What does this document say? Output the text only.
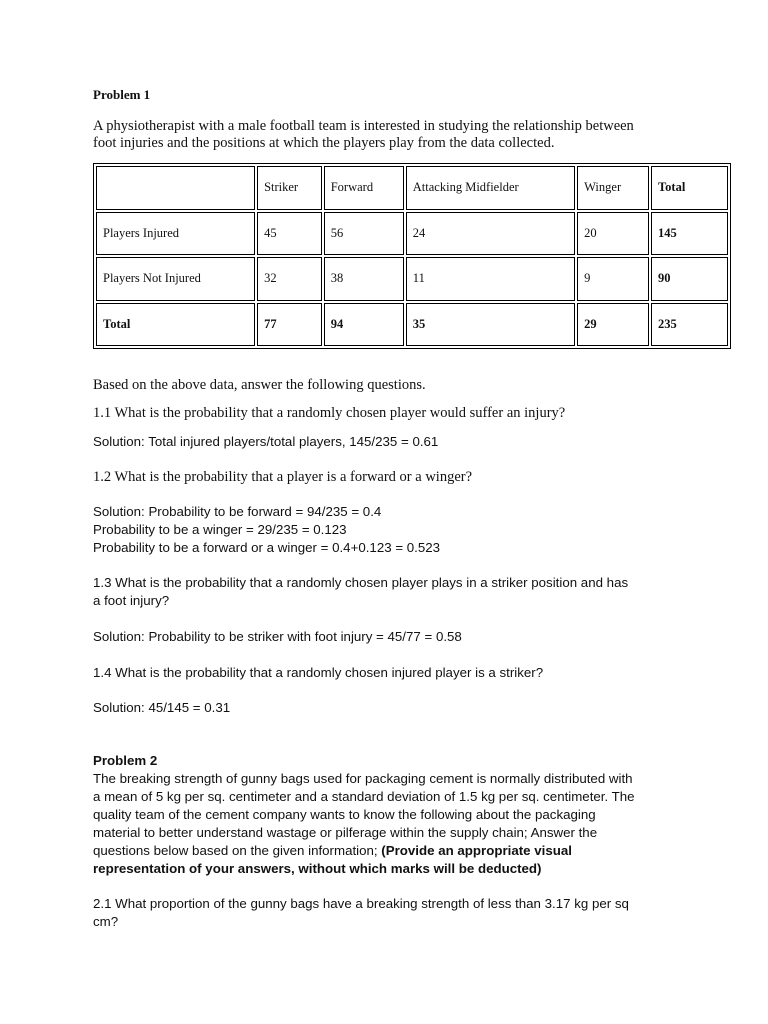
Problem 1
A physiotherapist with a male football team is interested in studying the relationship between
foot injuries and the positions at which the players play from the data collected.
	Striker	Forward	Attacking Midfielder	Winger	Total
Players Injured	45	56	24	20	145
Players Not Injured	32	38	11	9	90
Total	77	94	35	29	235
Based on the above data, answer the following questions.
1.1 What is the probability that a randomly chosen player would suffer an injury?
Solution: Total injured players/total players, 145/235 = 0.61
1.2 What is the probability that a player is a forward or a winger?
Solution: Probability to be forward = 94/235 = 0.4
Probability to be a winger = 29/235 = 0.123
Probability to be a forward or a winger = 0.4+0.123 = 0.523
1.3 What is the probability that a randomly chosen player plays in a striker position and has
a foot injury?
Solution: Probability to be striker with foot injury = 45/77 = 0.58
1.4 What is the probability that a randomly chosen injured player is a striker?
Solution: 45/145 = 0.31
Problem 2
The breaking strength of gunny bags used for packaging cement is normally distributed with
a mean of 5 kg per sq. centimeter and a standard deviation of 1.5 kg per sq. centimeter. The
quality team of the cement company wants to know the following about the packaging
material to better understand wastage or pilferage within the supply chain; Answer the
questions below based on the given information; (Provide an appropriate visual
representation of your answers, without which marks will be deducted)
2.1 What proportion of the gunny bags have a breaking strength of less than 3.17 kg per sq
cm?
